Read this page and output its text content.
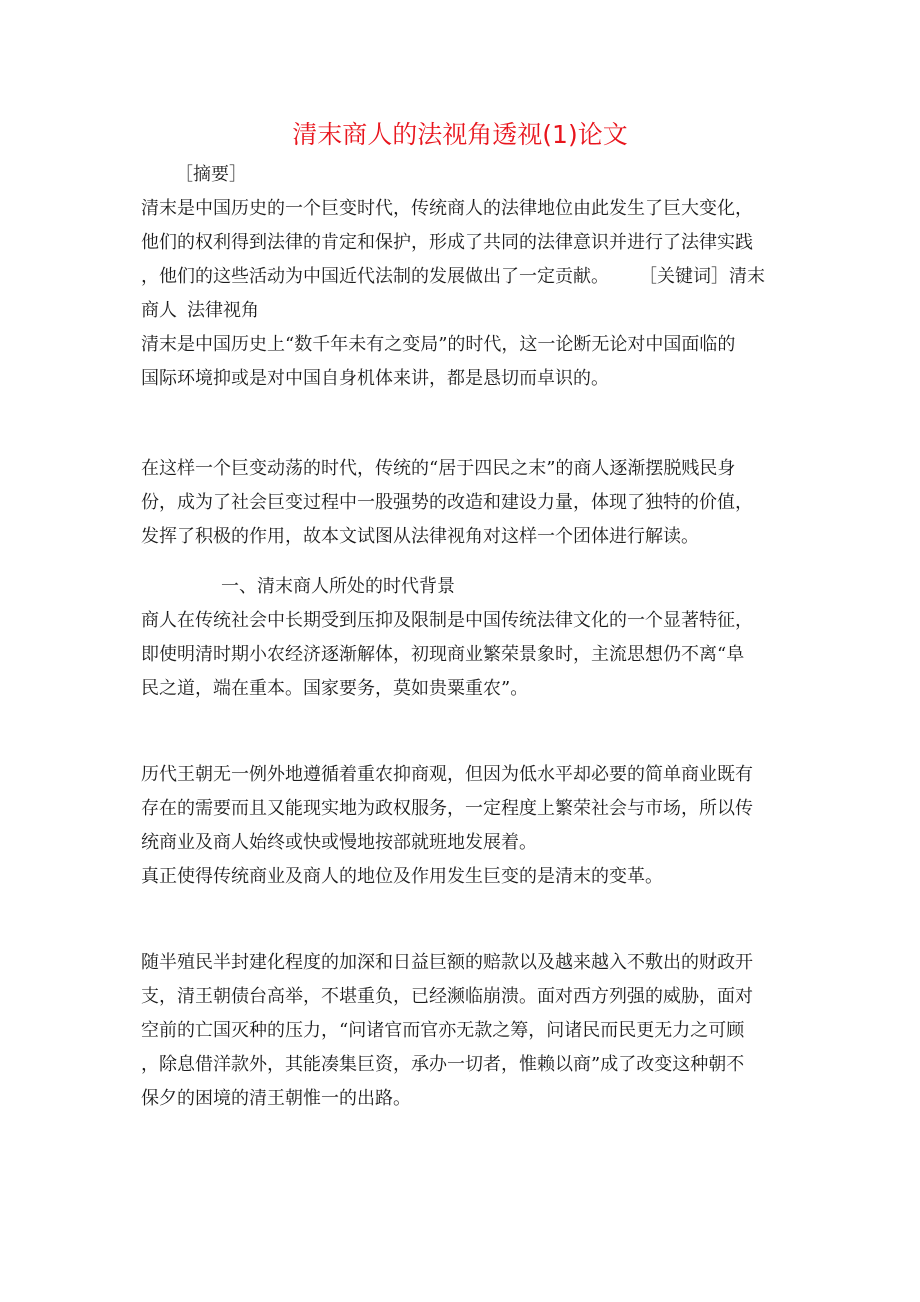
清末商人的法视角透视(1)论文
［摘要］
清末是中国历史的一个巨变时代，传统商人的法律地位由此发生了巨大变化，
他们的权利得到法律的肯定和保护，形成了共同的法律意识并进行了法律实践
，他们的这些活动为中国近代法制的发展做出了一定贡献。 ［关键词］清末
商人 法律视角
清末是中国历史上“数千年未有之变局”的时代，这一论断无论对中国面临的
国际环境抑或是对中国自身机体来讲，都是恳切而卓识的。
在这样一个巨变动荡的时代，传统的“居于四民之末”的商人逐渐摆脱贱民身
份，成为了社会巨变过程中一股强势的改造和建设力量，体现了独特的价值，
发挥了积极的作用，故本文试图从法律视角对这样一个团体进行解读。
一、清末商人所处的时代背景
商人在传统社会中长期受到压抑及限制是中国传统法律文化的一个显著特征，
即使明清时期小农经济逐渐解体，初现商业繁荣景象时，主流思想仍不离“阜
民之道，端在重本。国家要务，莫如贵粟重农”。
历代王朝无一例外地遵循着重农抑商观，但因为低水平却必要的简单商业既有
存在的需要而且又能现实地为政权服务，一定程度上繁荣社会与市场，所以传
统商业及商人始终或快或慢地按部就班地发展着。
真正使得传统商业及商人的地位及作用发生巨变的是清末的变革。
随半殖民半封建化程度的加深和日益巨额的赔款以及越来越入不敷出的财政开
支，清王朝债台高举，不堪重负，已经濒临崩溃。面对西方列强的威胁，面对
空前的亡国灭种的压力，“问诸官而官亦无款之筹，问诸民而民更无力之可顾
，除息借洋款外，其能凑集巨资，承办一切者，惟赖以商”成了改变这种朝不
保夕的困境的清王朝惟一的出路。
